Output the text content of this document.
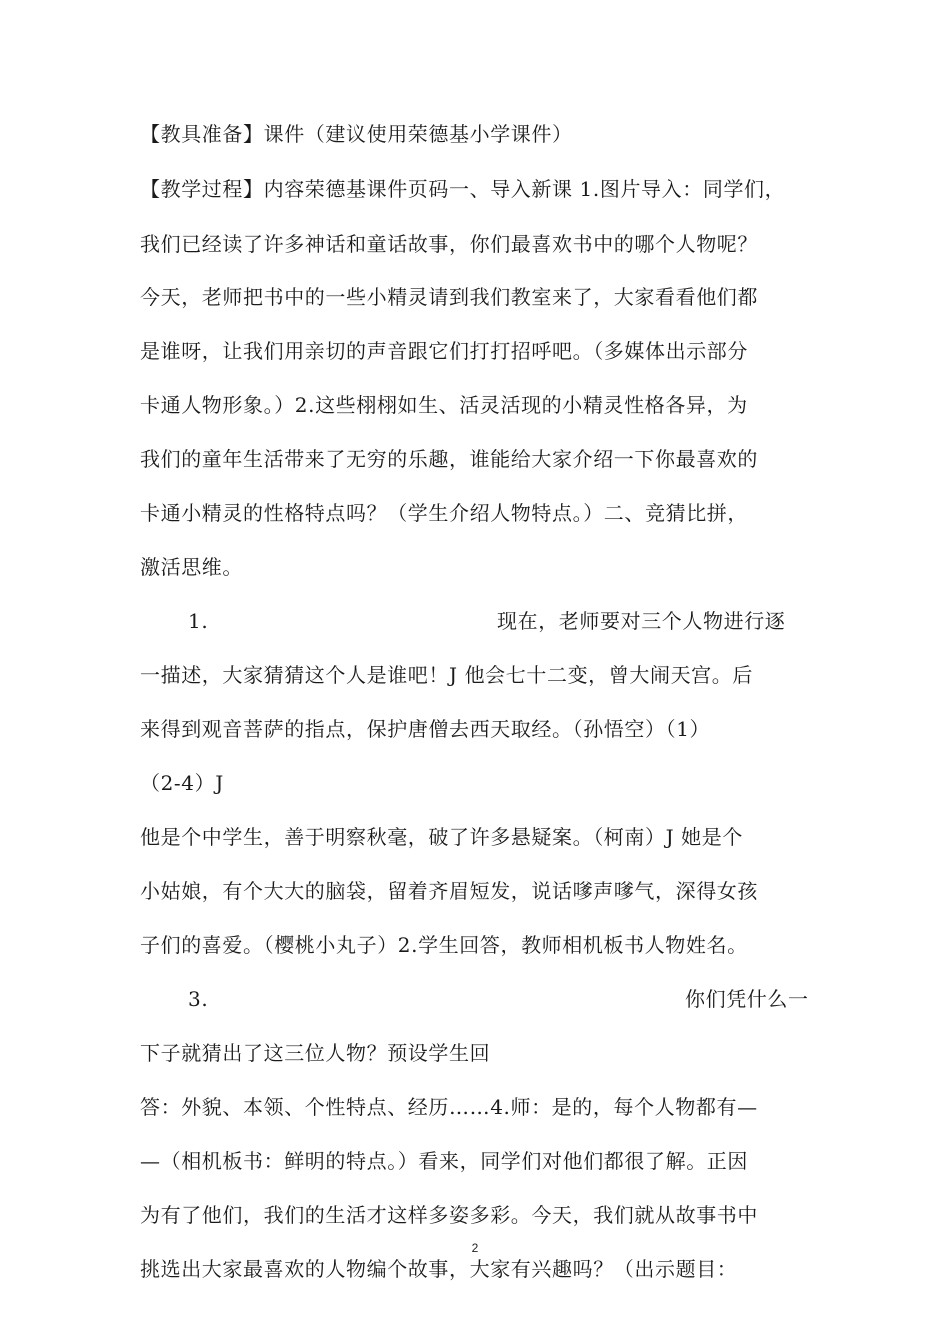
【教具准备】课件（建议使用荣德基小学课件）
【教学过程】内容荣德基课件页码一、导入新课 1.图片导入：同学们，
我们已经读了许多神话和童话故事，你们最喜欢书中的哪个人物呢？
今天，老师把书中的一些小精灵请到我们教室来了，大家看看他们都
是谁呀，让我们用亲切的声音跟它们打打招呼吧。（多媒体出示部分
卡通人物形象。）2.这些栩栩如生、活灵活现的小精灵性格各异，为
我们的童年生活带来了无穷的乐趣，谁能给大家介绍一下你最喜欢的
卡通小精灵的性格特点吗？（学生介绍人物特点。）二、竞猜比拼，
激活思维。
1.	现在，老师要对三个人物进行逐
一描述，大家猜猜这个人是谁吧！J 他会七十二变，曾大闹天宫。后
来得到观音菩萨的指点，保护唐僧去西天取经。（孙悟空）（1）
（2-4）J
他是个中学生，善于明察秋毫，破了许多悬疑案。（柯南）J 她是个
小姑娘，有个大大的脑袋，留着齐眉短发，说话嗲声嗲气，深得女孩
子们的喜爱。（樱桃小丸子）2.学生回答，教师相机板书人物姓名。
3.	你们凭什么一
下子就猜出了这三位人物？预设学生回
答：外貌、本领、个性特点、经历……4.师：是的，每个人物都有—
—（相机板书：鲜明的特点。）看来，同学们对他们都很了解。正因
为有了他们，我们的生活才这样多姿多彩。今天，我们就从故事书中
挑选出大家最喜欢的人物编个故事，大家有兴趣吗？（出示题目：
2
